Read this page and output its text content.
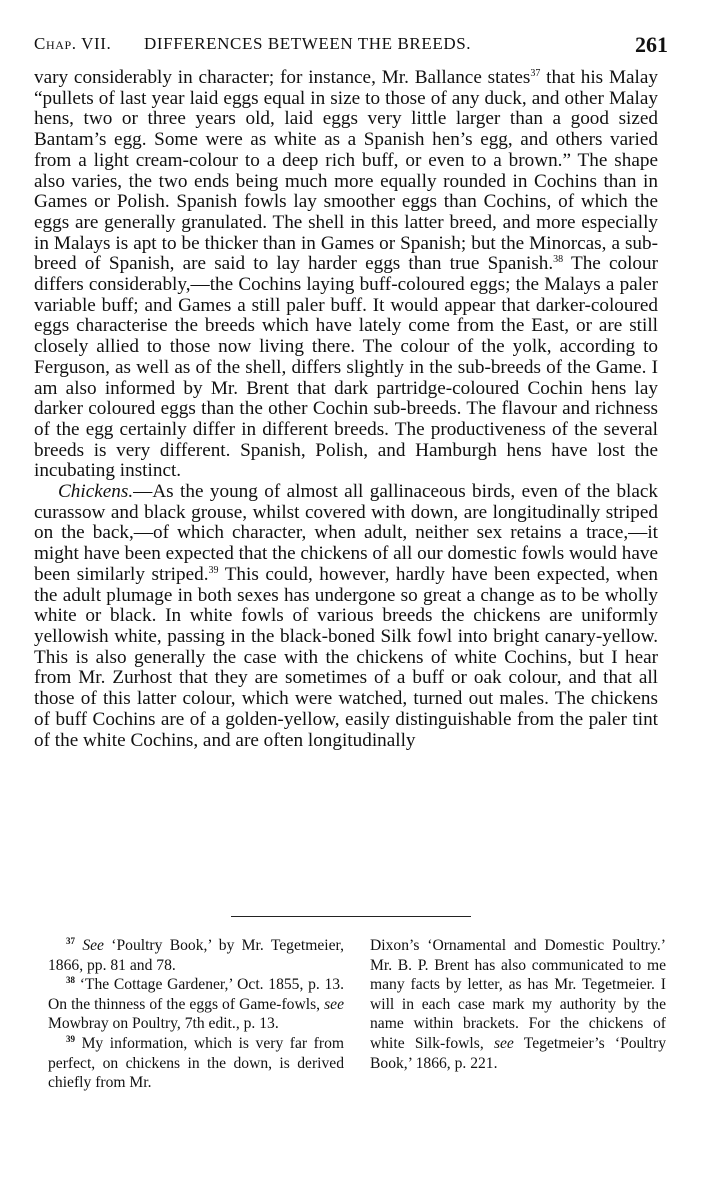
Chap. VII. DIFFERENCES BETWEEN THE BREEDS.	261

vary considerably in character; for instance, Mr. Ballance states$^{37}$ that his Malay “pullets of last year laid eggs equal in size to those of any duck, and other Malay hens, two or three years old, laid eggs very little larger than a good sized Bantam’s egg. Some were as white as a Spanish hen’s egg, and others varied from a light cream-colour to a deep rich buff, or even to a brown.” The shape also varies, the two ends being much more equally rounded in Cochins than in Games or Polish. Spanish fowls lay smoother eggs than Cochins, of which the eggs are generally granulated. The shell in this latter breed, and more especially in Malays is apt to be thicker than in Games or Spanish; but the Minorcas, a sub-breed of Spanish, are said to lay harder eggs than true Spanish.$^{38}$ The colour differs considerably,—the Cochins laying buff-coloured eggs; the Malays a paler variable buff; and Games a still paler buff. It would appear that darker-coloured eggs characterise the breeds which have lately come from the East, or are still closely allied to those now living there. The colour of the yolk, according to Ferguson, as well as of the shell, differs slightly in the sub-breeds of the Game. I am also informed by Mr. Brent that dark partridge-coloured Cochin hens lay darker coloured eggs than the other Cochin sub-breeds. The flavour and richness of the egg certainly differ in different breeds. The productiveness of the several breeds is very different. Spanish, Polish, and Hamburgh hens have lost the incubating instinct.

Chickens.—As the young of almost all gallinaceous birds, even of the black curassow and black grouse, whilst covered with down, are longitudinally striped on the back,—of which character, when adult, neither sex retains a trace,—it might have been expected that the chickens of all our domestic fowls would have been similarly striped.$^{39}$ This could, however, hardly have been expected, when the adult plumage in both sexes has undergone so great a change as to be wholly white or black. In white fowls of various breeds the chickens are uniformly yellowish white, passing in the black-boned Silk fowl into bright canary-yellow. This is also generally the case with the chickens of white Cochins, but I hear from Mr. Zurhost that they are sometimes of a buff or oak colour, and that all those of this latter colour, which were watched, turned out males. The chickens of buff Cochins are of a golden-yellow, easily distinguishable from the paler tint of the white Cochins, and are often longitudinally

$^{37}$ See ‘Poultry Book,’ by Mr. Tegetmeier, 1866, pp. 81 and 78.

$^{38}$ ‘The Cottage Gardener,’ Oct. 1855, p. 13. On the thinness of the eggs of Game-fowls, see Mowbray on Poultry, 7th edit., p. 13.

$^{39}$ My information, which is very far from perfect, on chickens in the down, is derived chiefly from Mr.

Dixon’s ‘Ornamental and Domestic Poultry.’ Mr. B. P. Brent has also communicated to me many facts by letter, as has Mr. Tegetmeier. I will in each case mark my authority by the name within brackets. For the chickens of white Silk-fowls, see Tegetmeier’s ‘Poultry Book,’ 1866, p. 221.
